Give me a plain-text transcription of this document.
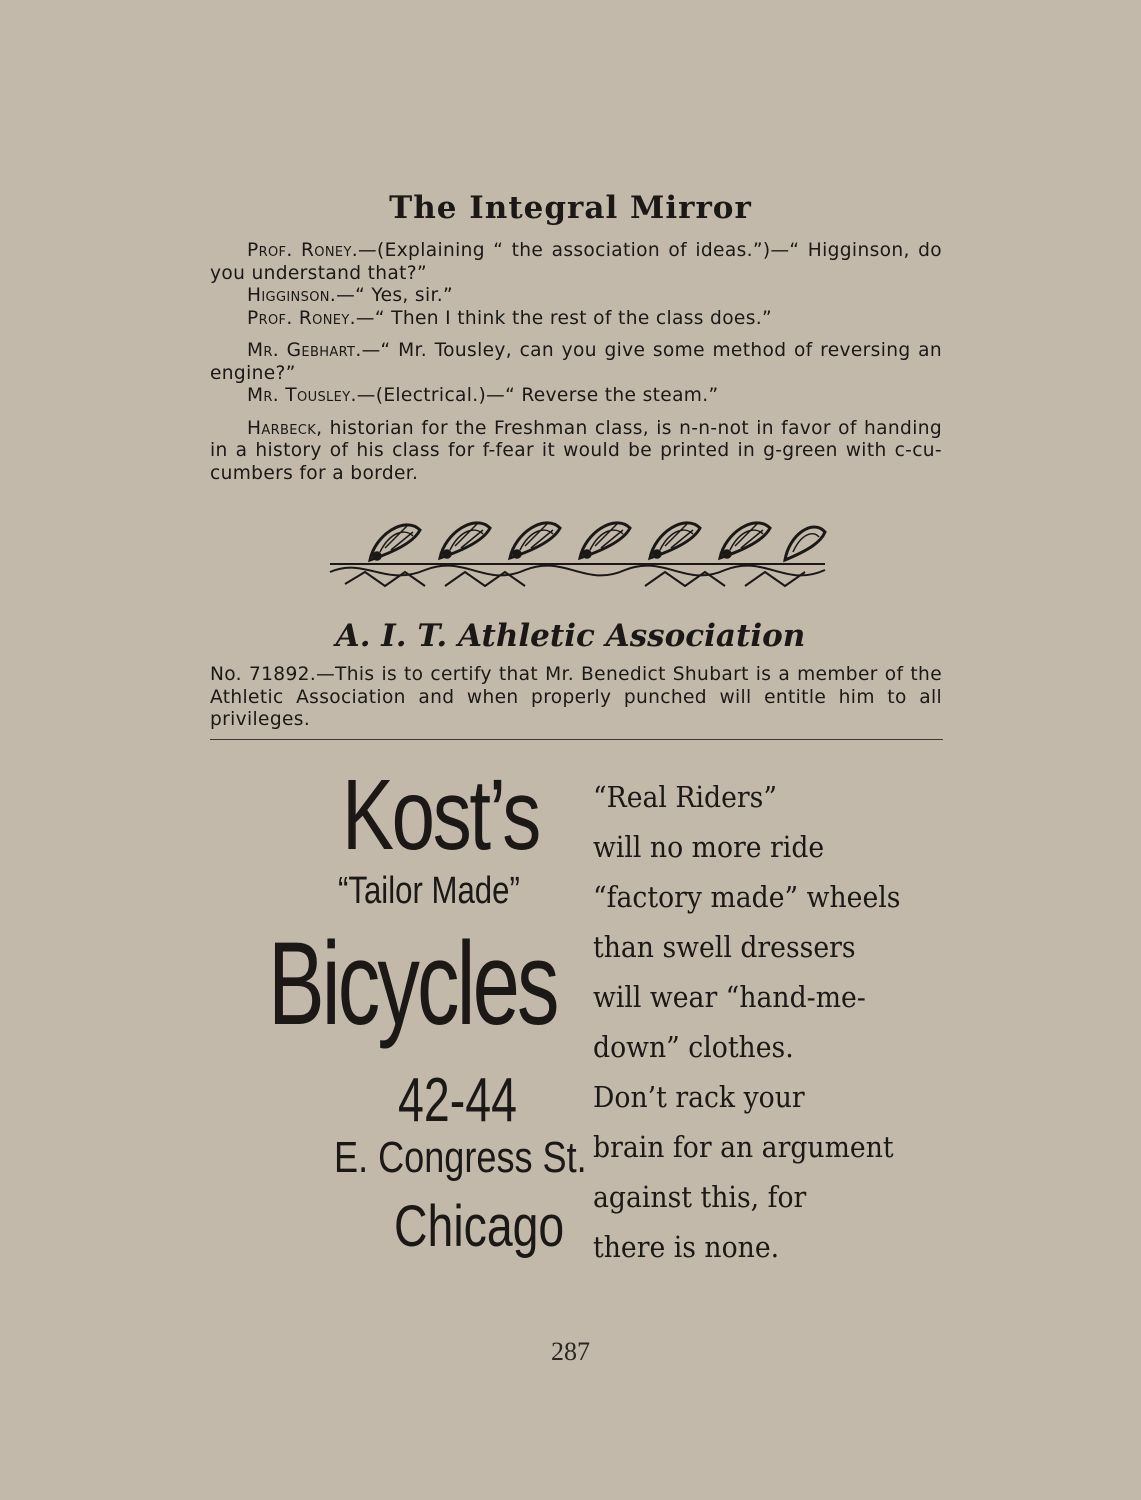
The Integral Mirror

Prof. Roney.—(Explaining “ the association of ideas.”)—“ Higginson, do you understand that?”

Higginson.—“ Yes, sir.”

Prof. Roney.—“ Then I think the rest of the class does.”

Mr. Gebhart.—“ Mr. Tousley, can you give some method of reversing an engine?”

Mr. Tousley.—(Electrical.)—“ Reverse the steam.”

Harbeck, historian for the Freshman class, is n-n-not in favor of handing in a history of his class for f-fear it would be printed in g-green with c-cu-cumbers for a border.

A. I. T. Athletic Association
No. 71892.—This is to certify that Mr. Benedict Shubart is a member of the Athletic Association and when properly punched will entitle him to all privileges.
Kost’s
“Tailor Made”
Bicycles
42-44
E. Congress St.
Chicago
“Real Riders”
will no more ride
“factory made” wheels
than swell dressers
will wear “hand-me-
down” clothes.
Don’t rack your
brain for an argument
against this, for
there is none.
287
